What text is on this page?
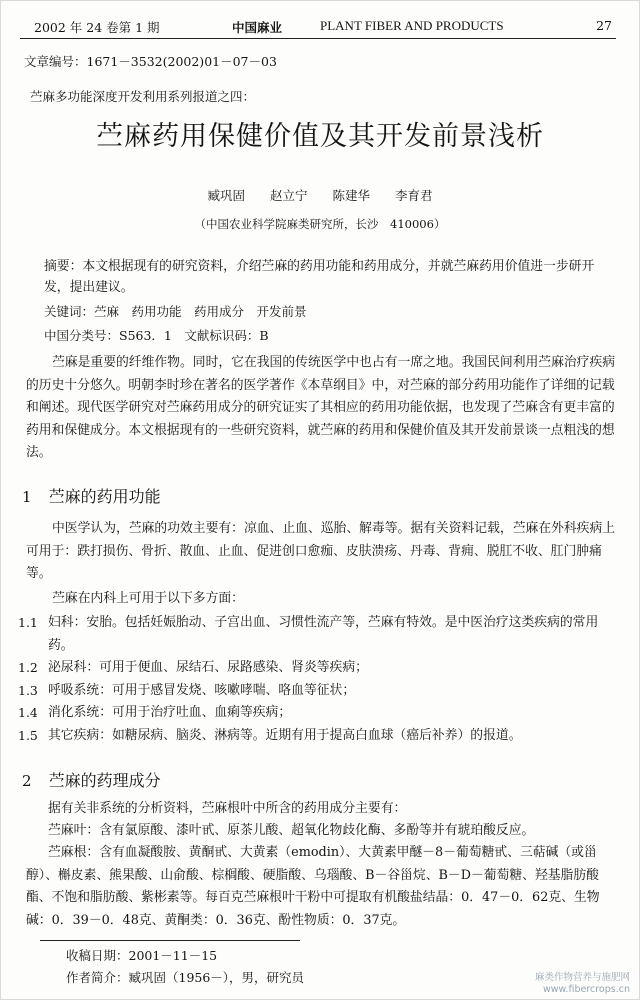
2002 年 24 卷第 1 期	中国麻业	PLANT FIBER AND PRODUCTS	27
文章编号：1671－3532(2002)01－07－03
苎麻多功能深度开发利用系列报道之四：
苎麻药用保健价值及其开发前景浅析
臧巩固　　赵立宁　　陈建华　　李育君
（中国农业科学院麻类研究所，长沙　410006）
摘要：本文根据现有的研究资料，介绍苎麻的药用功能和药用成分，并就苎麻药用价值进一步研开发，提出建议。
关键词：苎麻　药用功能　药用成分　开发前景
中国分类号：S563．1　文献标识码：B
苎麻是重要的纤维作物。同时，它在我国的传统医学中也占有一席之地。我国民间利用苎麻治疗疾病的历史十分悠久。明朝李时珍在著名的医学著作《本草纲目》中，对苎麻的部分药用功能作了详细的记载和阐述。现代医学研究对苎麻药用成分的研究证实了其相应的药用功能依据，也发现了苎麻含有更丰富的药用和保健成分。本文根据现有的一些研究资料，就苎麻的药用和保健价值及其开发前景谈一点粗浅的想法。
1 苎麻的药用功能
中医学认为，苎麻的功效主要有：凉血、止血、巡胎、解毒等。据有关资料记载，苎麻在外科疾病上可用于：跌打损伤、骨折、散血、止血、促进创口愈痂、皮肤溃疡、丹毒、背痈、脱肛不收、肛门肿痛等。
苎麻在内科上可用于以下多方面：
1.1 妇科：安胎。包括妊娠胎动、子宫出血、习惯性流产等，苎麻有特效。是中医治疗这类疾病的常用药。
1.2 泌尿科：可用于便血、尿结石、尿路感染、肾炎等疾病；
1.3 呼吸系统：可用于感冒发烧、咳嗽哮喘、咯血等征状；
1.4 消化系统：可用于治疗吐血、血痢等疾病；
1.5 其它疾病：如糖尿病、脑炎、淋病等。近期有用于提高白血球（癌后补养）的报道。
2 苎麻的药理成分
据有关非系统的分析资料，苎麻根叶中所含的药用成分主要有：
苎麻叶：含有氯原酸、漆叶甙、原茶儿酸、超氧化物歧化酶、多酚等并有琥珀酸反应。
苎麻根：含有血凝酸胺、黄酮甙、大黄素（emodin）、大黄素甲醚－8－葡萄糖甙、三萜碱（或甾醇）、槲皮素、熊果酸、山俞酸、棕榈酸、硬脂酸、乌瑙酸、B－谷甾烷、B－D－葡萄糖、羟基脂肪酸酯、不饱和脂肪酸、紫彬素等。每百克苎麻根叶干粉中可提取有机酸盐结晶：0．47－0．62克、生物碱：0．39－0．48克、黄酮类：0．36克、酚性物质：0．37克。
收稿日期：2001－11－15
作者简介：臧巩固（1956－），男，研究员	麻类作物营养与施肥网
www.fibercrops.cn
